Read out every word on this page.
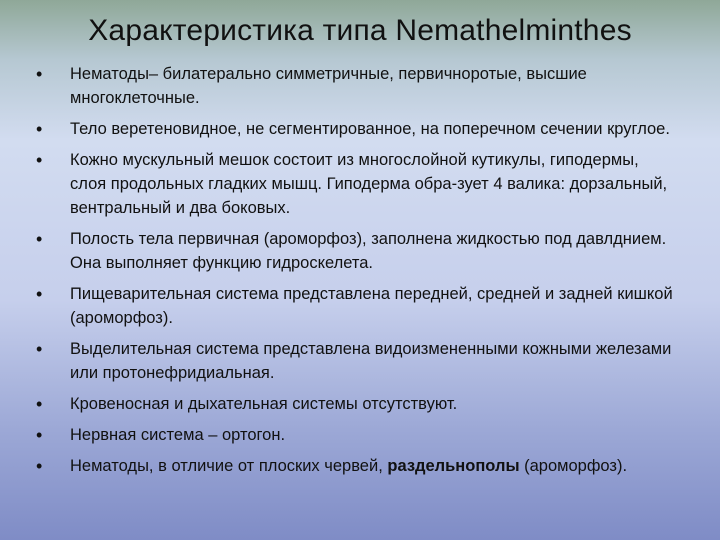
Характеристика типа Nemathelminthes
• Нематоды– билатерально симметричные, первичноротые, высшие многоклеточные.
• Тело веретеновидное, не сегментированное, на поперечном сечении круглое.
• Кожно мускульный мешок состоит из многослойной кутикулы, гиподермы, слоя продольных гладких мышц. Гиподерма обра-зует 4 валика: дорзальный, вентральный и два боковых.
• Полость тела первичная (ароморфоз), заполнена жидкостью под давлднием. Она выполняет функцию гидроскелета.
• Пищеварительная система представлена передней, средней и задней кишкой (ароморфоз).
• Выделительная система представлена видоизмененными кожными железами или протонефридиальная.
• Кровеносная и дыхательная системы отсутствуют.
• Нервная система – ортогон.
• Нематоды, в отличие от плоских червей, раздельнополы (ароморфоз).
